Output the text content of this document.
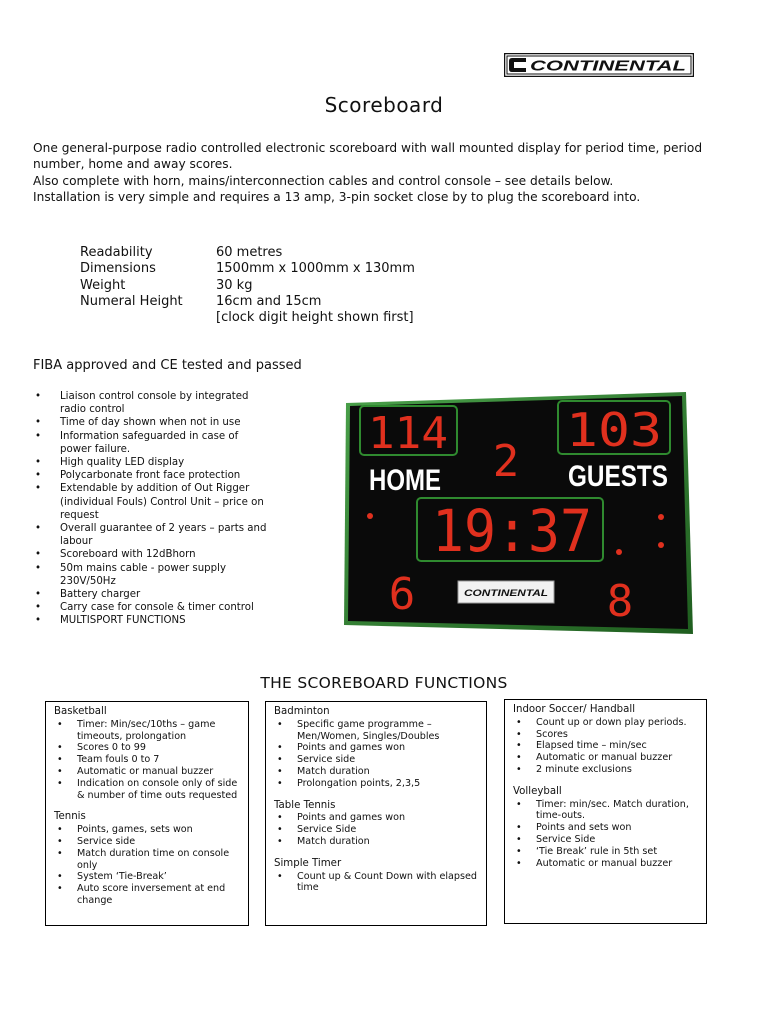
CONTINENTAL
Scoreboard

One general-purpose radio controlled electronic scoreboard with wall mounted display for period time, period number, home and away scores.

Also complete with horn, mains/interconnection cables and control console – see details below.

Installation is very simple and requires a 13 amp, 3-pin socket close by to plug the scoreboard into.

Readability	60 metres
Dimensions	1500mm x 1000mm x 130mm
Weight	30 kg
Numeral Height	16cm and 15cm
[clock digit height shown first]
FIBA approved and CE tested and passed
• Liaison control console by integrated radio control
• Time of day shown when not in use
• Information safeguarded in case of power failure.
• High quality LED display
• Polycarbonate front face protection
• Extendable by addition of Out Rigger (individual Fouls) Control Unit – price on request
• Overall guarantee of 2 years – parts and labour
• Scoreboard with 12dBhorn
• 50m mains cable - power supply 230V/50Hz
• Battery charger
• Carry case for console & timer control
• MULTISPORT FUNCTIONS
114	103
2
19:37
6	8
HOME	GUESTS
CONTINENTAL
THE SCOREBOARD FUNCTIONS
Basketball
• Timer: Min/sec/10ths – game timeouts, prolongation
• Scores 0 to 99
• Team fouls 0 to 7
• Automatic or manual buzzer
• Indication on console only of side & number of time outs requested
Tennis
• Points, games, sets won
• Service side
• Match duration time on console only
• System ‘Tie-Break’
• Auto score inversement at end change
Badminton
• Specific game programme – Men/Women, Singles/Doubles
• Points and games won
• Service side
• Match duration
• Prolongation points, 2,3,5
Table Tennis
• Points and games won
• Service Side
• Match duration
Simple Timer
• Count up & Count Down with elapsed time
Indoor Soccer/ Handball
• Count up or down play periods.
• Scores
• Elapsed time – min/sec
• Automatic or manual buzzer
• 2 minute exclusions
Volleyball
• Timer: min/sec. Match duration, time-outs.
• Points and sets won
• Service Side
• ‘Tie Break’ rule in 5th set
• Automatic or manual buzzer
